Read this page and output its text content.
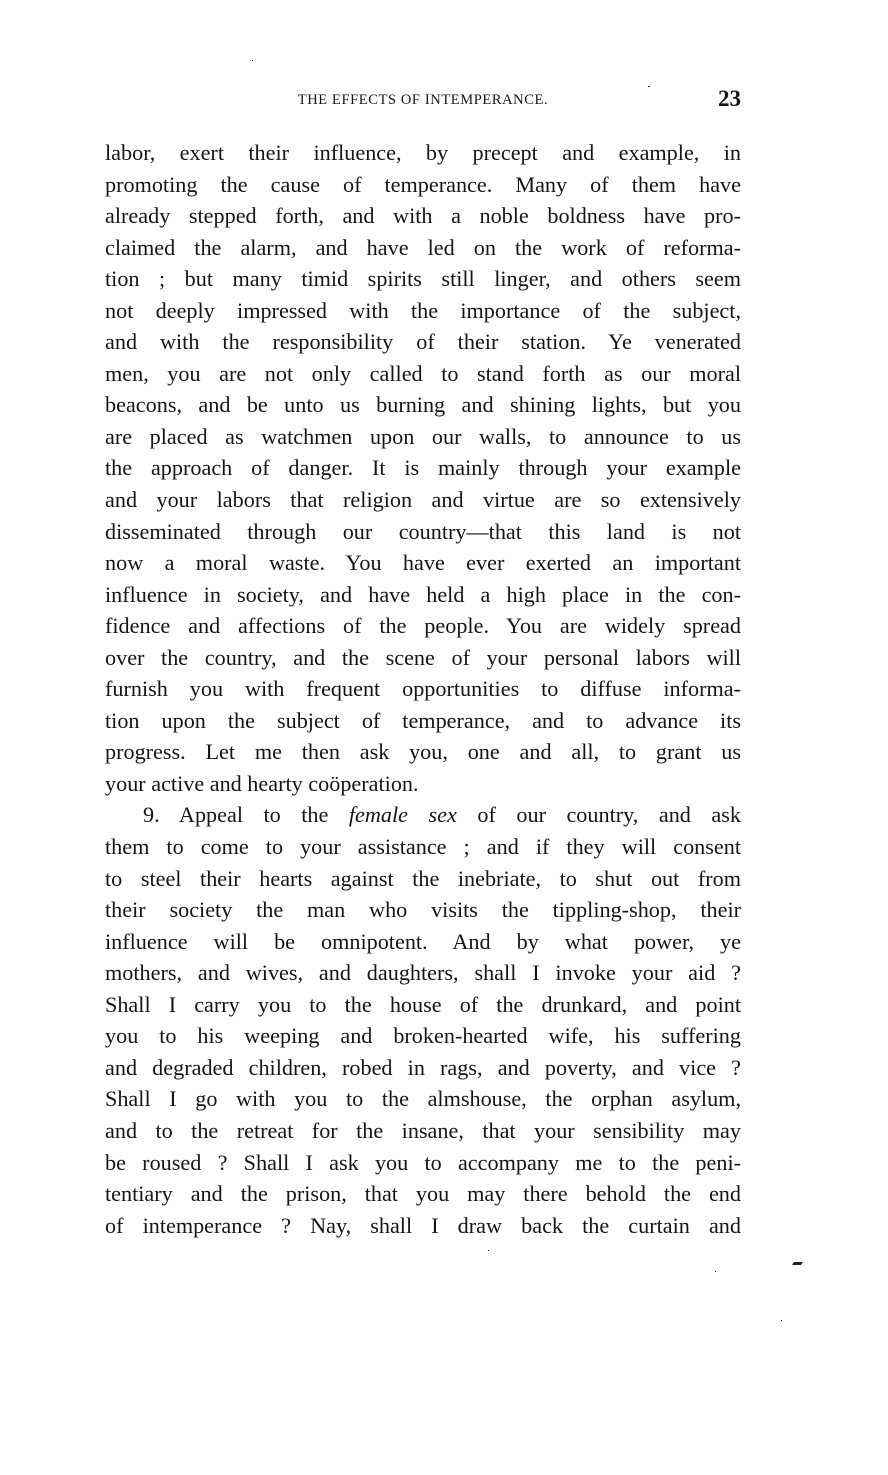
THE EFFECTS OF INTEMPERANCE.	23
labor, exert their influence, by precept and example, in
promoting the cause of temperance. Many of them have
already stepped forth, and with a noble boldness have pro-
claimed the alarm, and have led on the work of reforma-
tion ; but many timid spirits still linger, and others seem
not deeply impressed with the importance of the subject,
and with the responsibility of their station. Ye venerated
men, you are not only called to stand forth as our moral
beacons, and be unto us burning and shining lights, but you
are placed as watchmen upon our walls, to announce to us
the approach of danger. It is mainly through your example
and your labors that religion and virtue are so extensively
disseminated through our country—that this land is not
now a moral waste. You have ever exerted an important
influence in society, and have held a high place in the con-
fidence and affections of the people. You are widely spread
over the country, and the scene of your personal labors will
furnish you with frequent opportunities to diffuse informa-
tion upon the subject of temperance, and to advance its
progress. Let me then ask you, one and all, to grant us
your active and hearty coöperation.
9. Appeal to the female sex of our country, and ask
them to come to your assistance ; and if they will consent
to steel their hearts against the inebriate, to shut out from
their society the man who visits the tippling-shop, their
influence will be omnipotent. And by what power, ye
mothers, and wives, and daughters, shall I invoke your aid ?
Shall I carry you to the house of the drunkard, and point
you to his weeping and broken-hearted wife, his suffering
and degraded children, robed in rags, and poverty, and vice ?
Shall I go with you to the almshouse, the orphan asylum,
and to the retreat for the insane, that your sensibility may
be roused ? Shall I ask you to accompany me to the peni-
tentiary and the prison, that you may there behold the end
of intemperance ? Nay, shall I draw back the curtain and
